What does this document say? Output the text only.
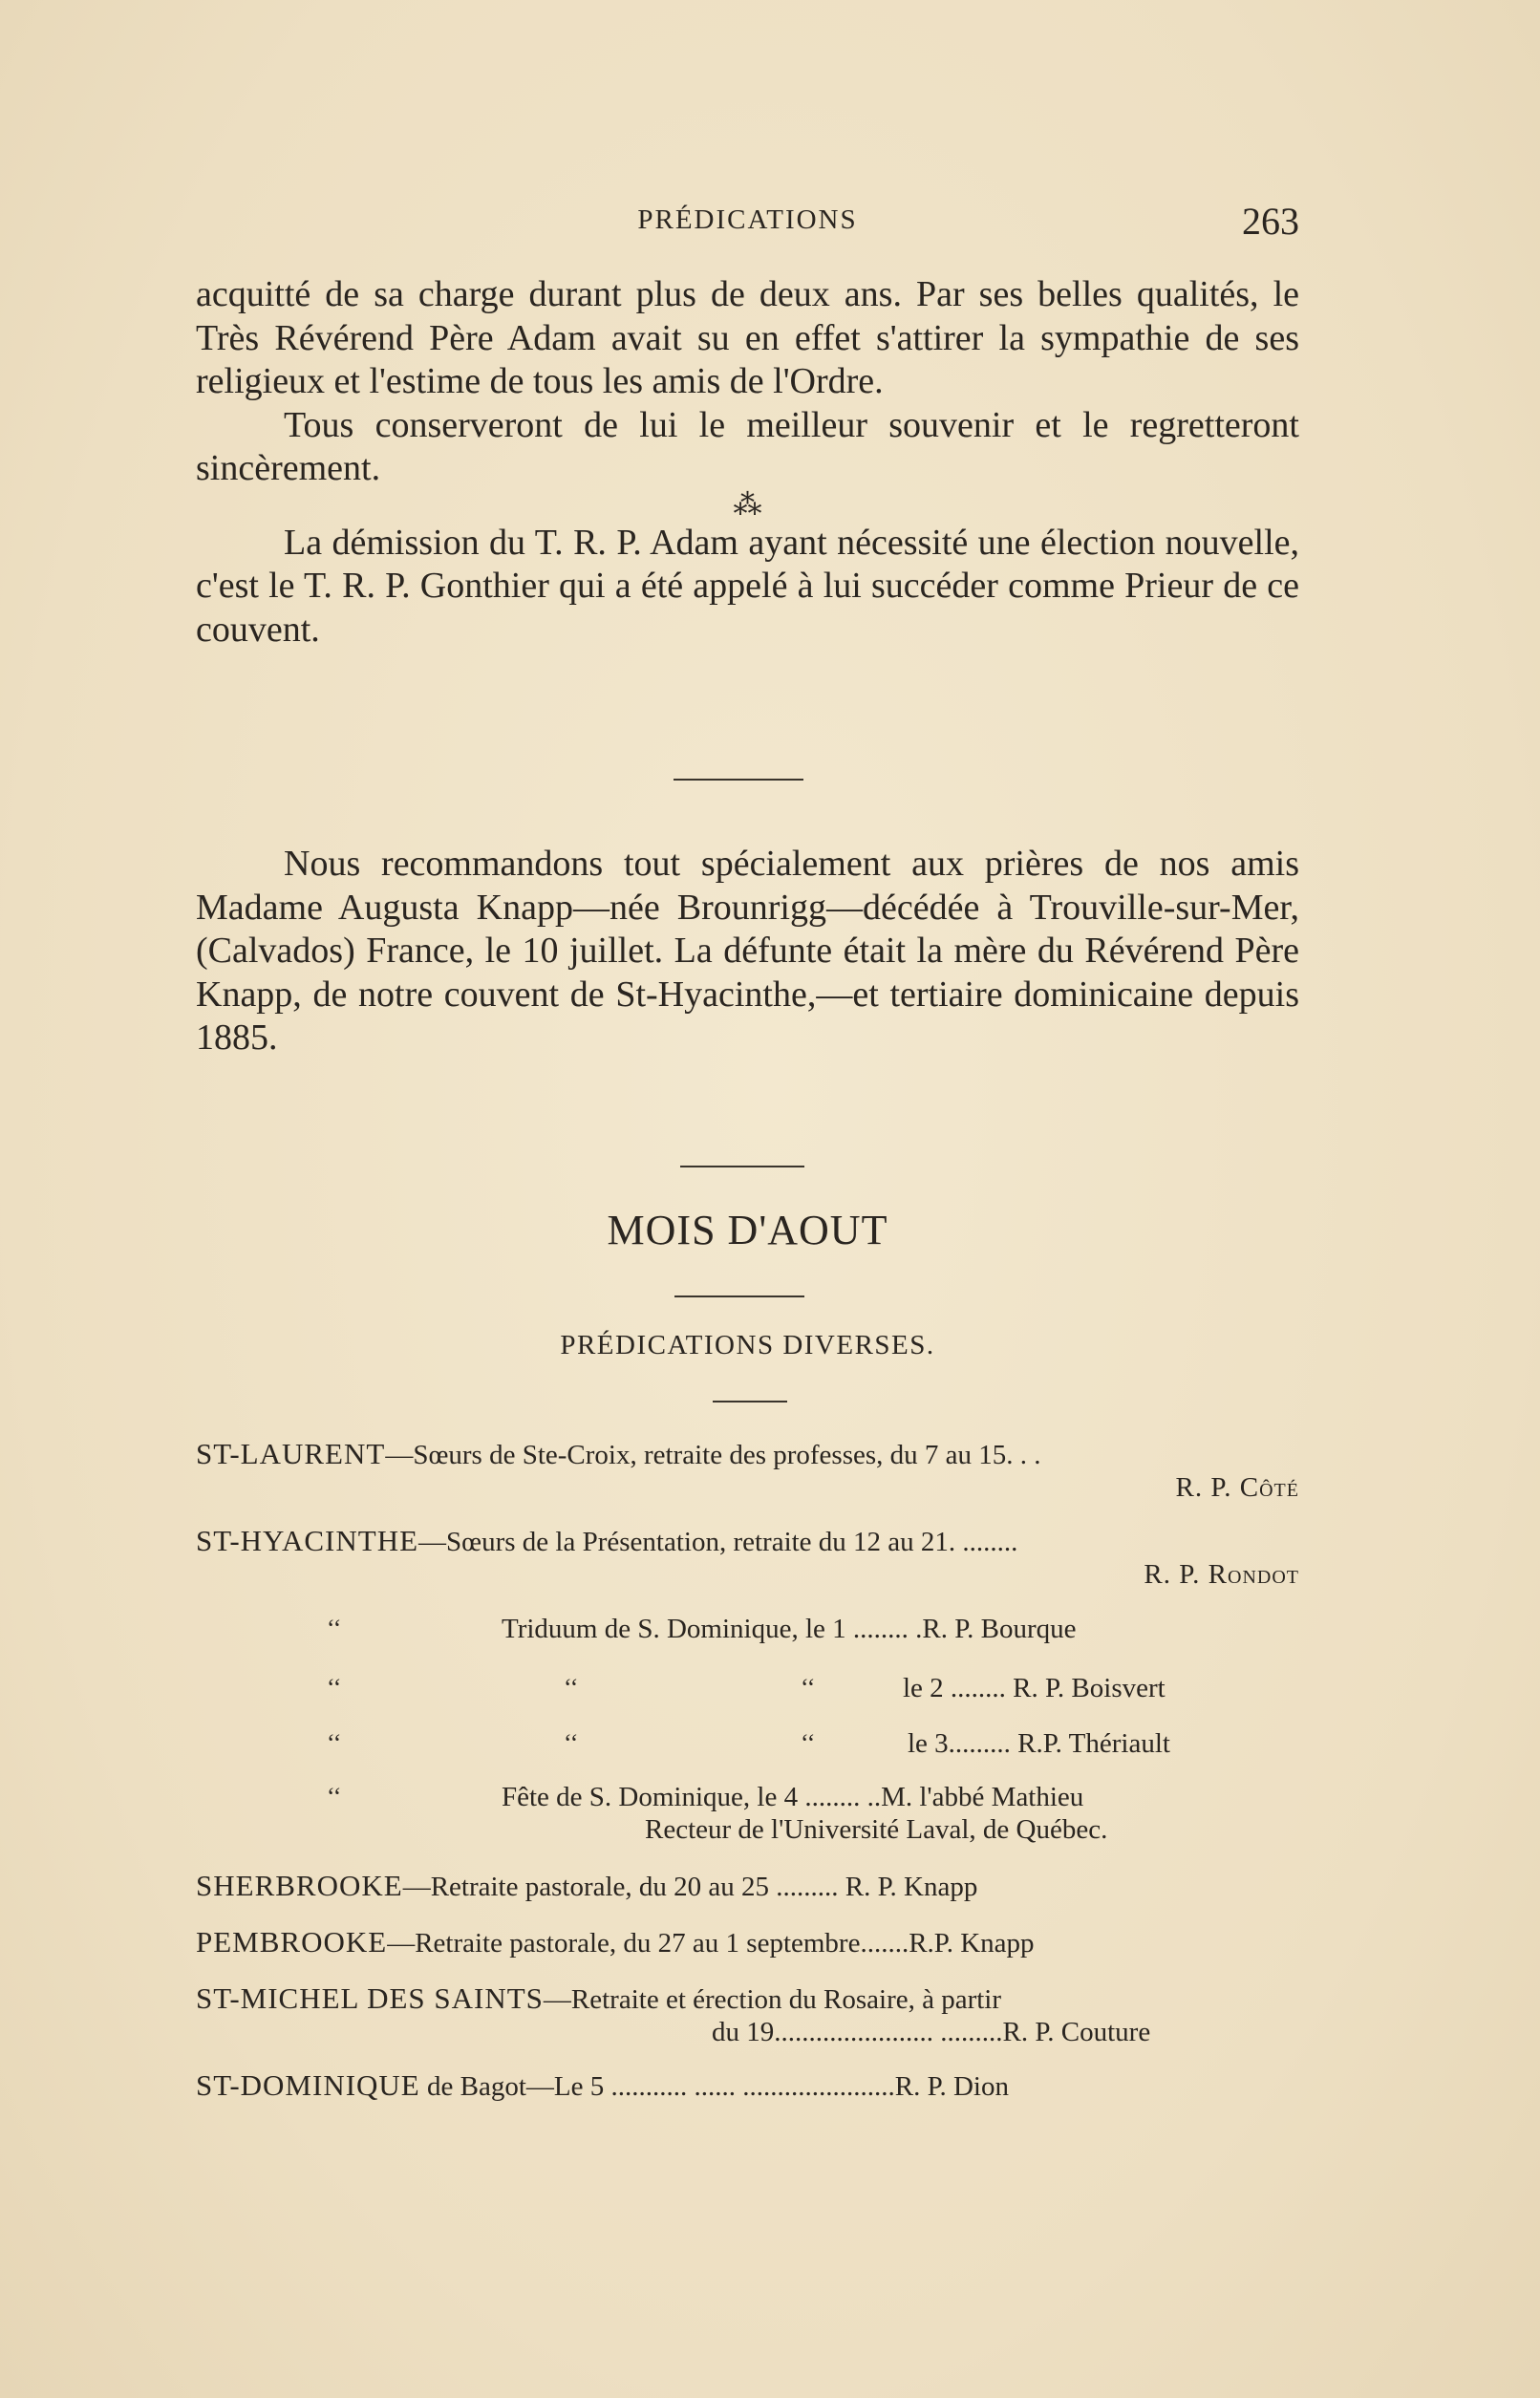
PRÉDICATIONS	263

acquitté de sa charge durant plus de deux ans. Par ses belles qualités, le Très Révérend Père Adam avait su en effet s'attirer la sympathie de ses religieux et l'estime de tous les amis de l'Ordre.

Tous conserveront de lui le meilleur souvenir et le regretteront sincèrement.

⁂

La démission du T. R. P. Adam ayant nécessité une élection nouvelle, c'est le T. R. P. Gonthier qui a été appelé à lui succéder comme Prieur de ce couvent.

Nous recommandons tout spécialement aux prières de nos amis Madame Augusta Knapp—née Brounrigg—décédée à Trouville-sur-Mer, (Calvados) France, le 10 juillet. La défunte était la mère du Révérend Père Knapp, de notre couvent de St-Hyacinthe,—et tertiaire dominicaine depuis 1885.

MOIS D'AOUT
PRÉDICATIONS DIVERSES.
ST-LAURENT—Sœurs de Ste-Croix, retraite des professes, du 7 au 15. . .
R. P. Côté
ST-HYACINTHE—Sœurs de la Présentation, retraite du 12 au 21. ........
R. P. Rondot
‘‘	Triduum de S. Dominique, le 1 ........ .R. P. Bourque
‘‘	‘‘	‘‘	le 2 ........ R. P. Boisvert
‘‘	‘‘	‘‘	le 3......... R.P. Thériault
‘‘	Fête de S. Dominique, le 4 ........ ..M. l'abbé Mathieu
Recteur de l'Université Laval, de Québec.
SHERBROOKE—Retraite pastorale, du 20 au 25 ......... R. P. Knapp
PEMBROOKE—Retraite pastorale, du 27 au 1 septembre.......R.P. Knapp
ST-MICHEL DES SAINTS—Retraite et érection du Rosaire, à partir
du 19....................... .........R. P. Couture
ST-DOMINIQUE de Bagot—Le 5 ........... ...... ......................R. P. Dion
